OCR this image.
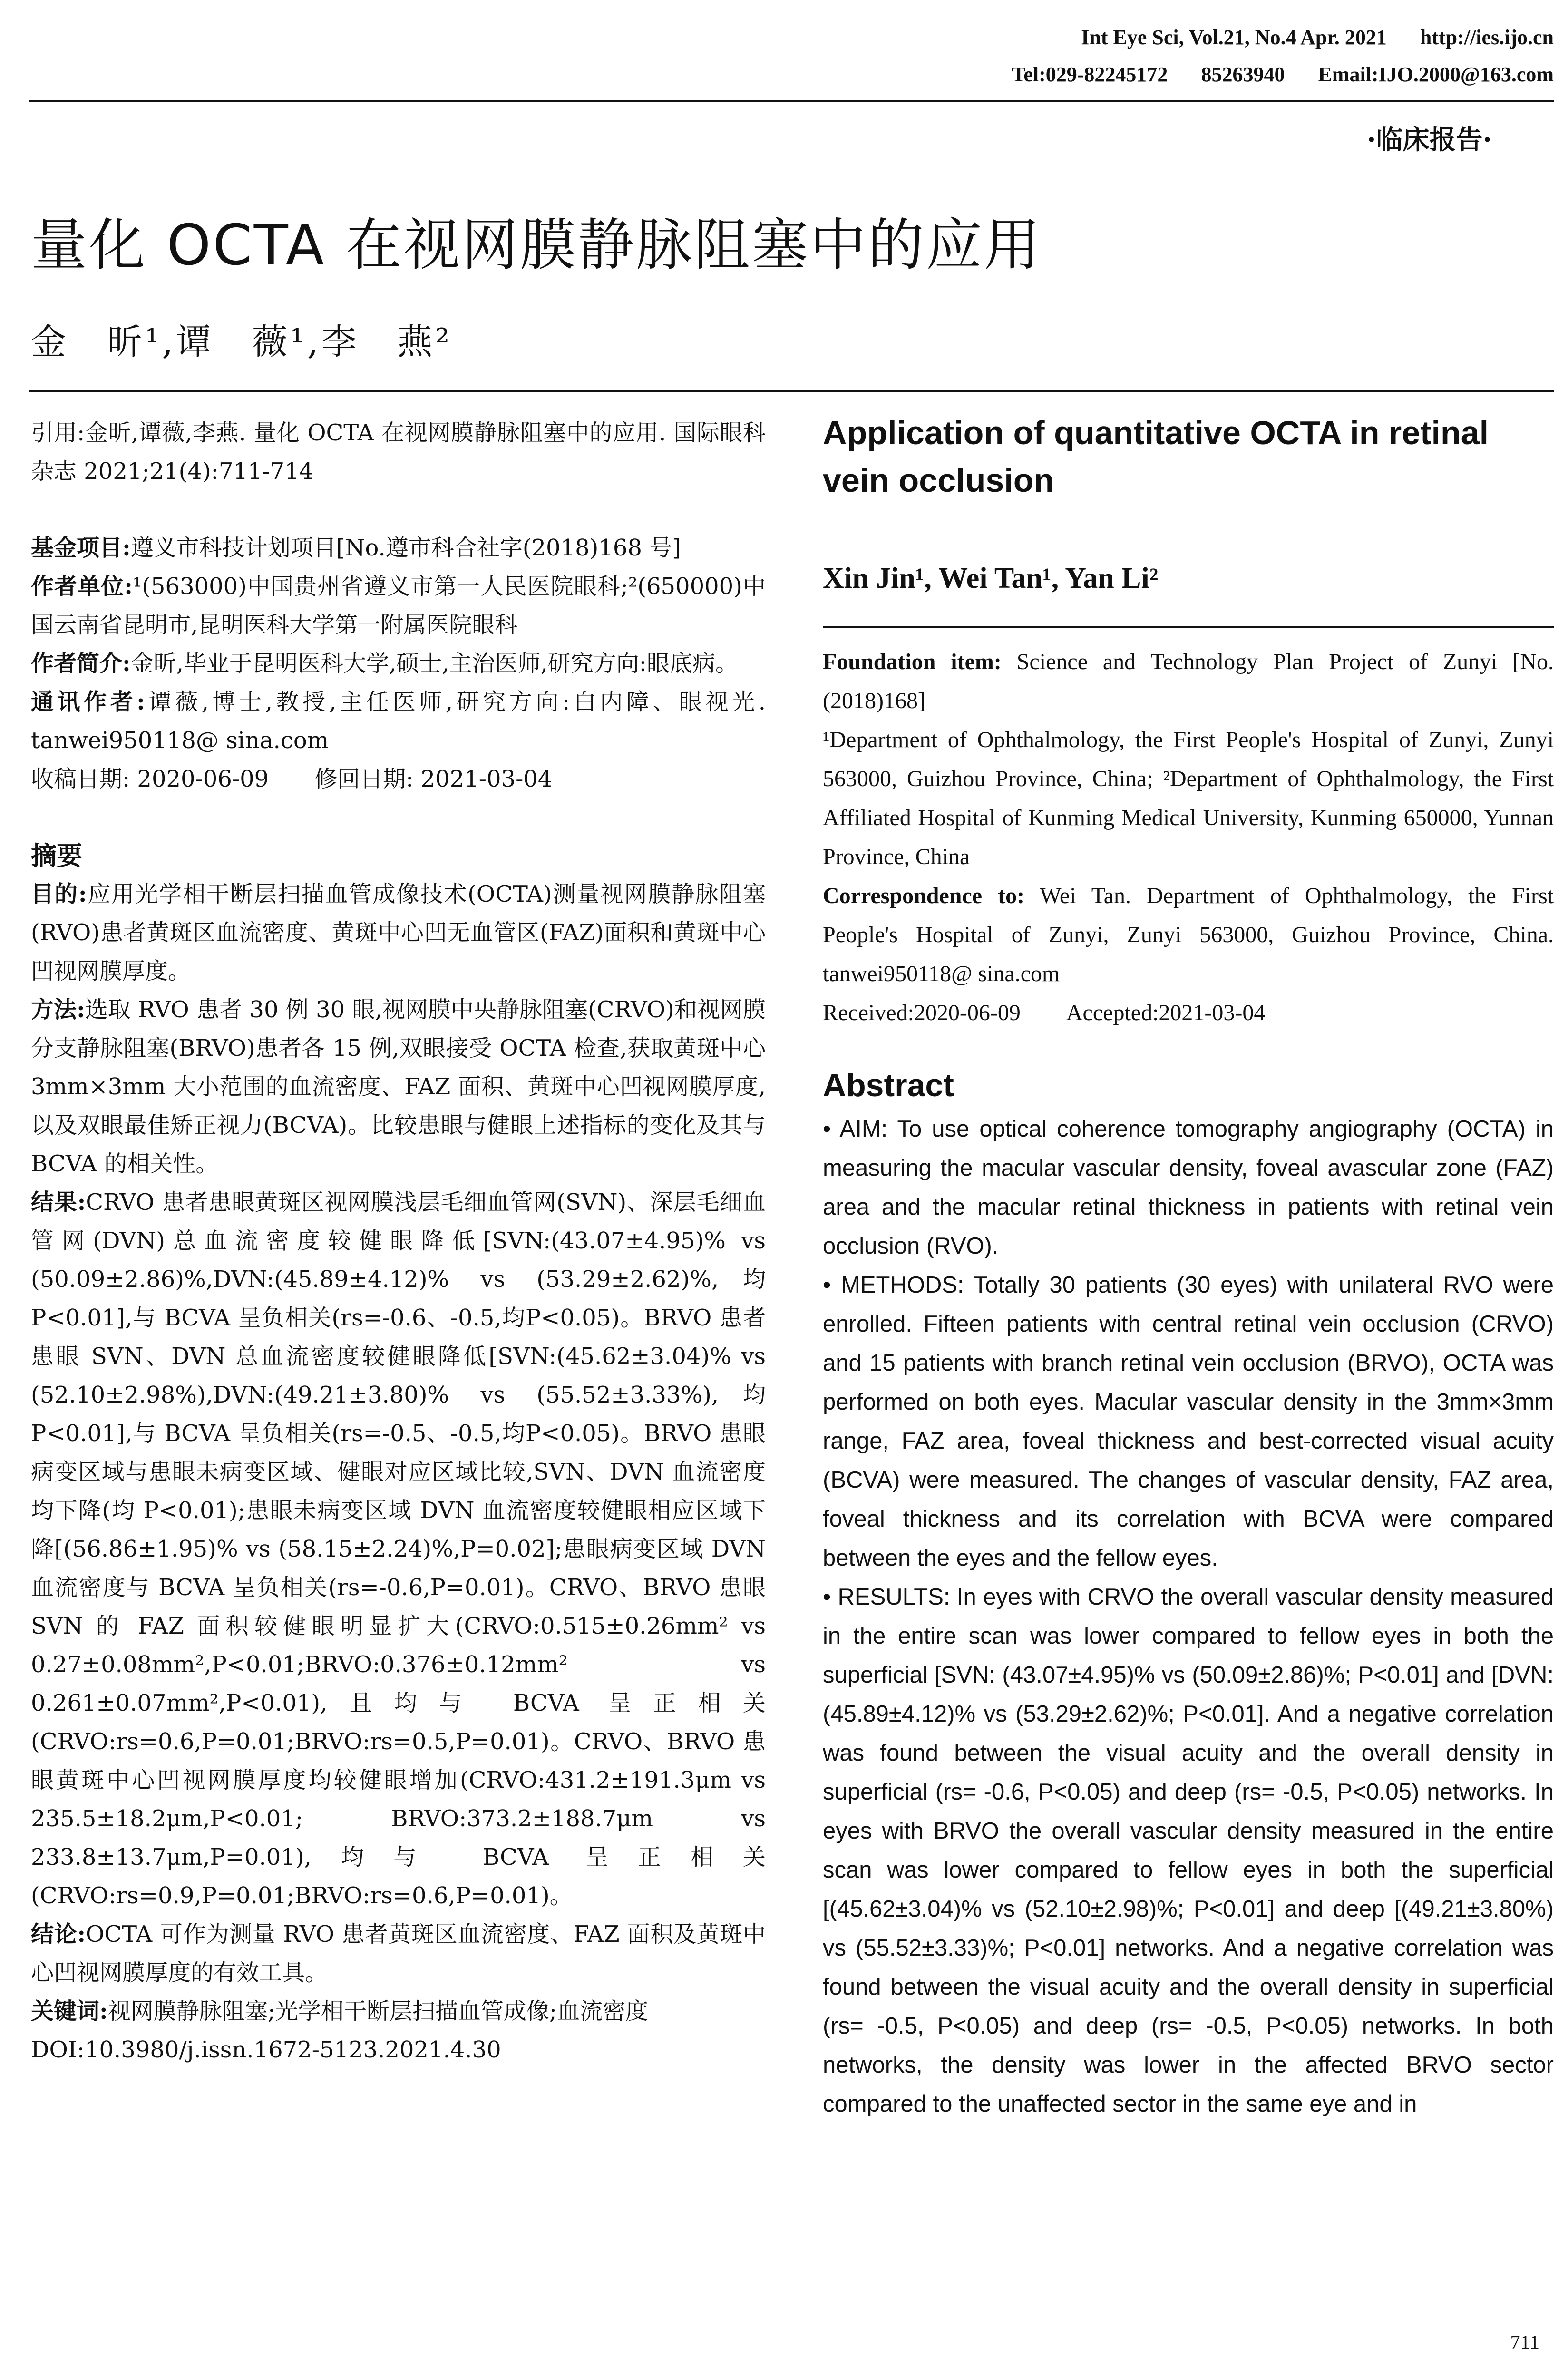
Int Eye Sci, Vol.21, No.4 Apr. 2021 http://ies.ijo.cn
Tel:029-82245172 85263940 Email:IJO.2000@163.com
·临床报告·
量化 OCTA 在视网膜静脉阻塞中的应用
金　昕¹,谭　薇¹,李　燕²

引用:金昕,谭薇,李燕. 量化 OCTA 在视网膜静脉阻塞中的应用. 国际眼科杂志 2021;21(4):711-714

基金项目:遵义市科技计划项目[No.遵市科合社字(2018)168 号]

作者单位:¹(563000)中国贵州省遵义市第一人民医院眼科;²(650000)中国云南省昆明市,昆明医科大学第一附属医院眼科

作者简介:金昕,毕业于昆明医科大学,硕士,主治医师,研究方向:眼底病。

通讯作者:谭薇,博士,教授,主任医师,研究方向:白内障、眼视光. tanwei950118@ sina.com

收稿日期: 2020-06-09　　修回日期: 2021-03-04

摘要

目的:应用光学相干断层扫描血管成像技术(OCTA)测量视网膜静脉阻塞(RVO)患者黄斑区血流密度、黄斑中心凹无血管区(FAZ)面积和黄斑中心凹视网膜厚度。

方法:选取 RVO 患者 30 例 30 眼,视网膜中央静脉阻塞(CRVO)和视网膜分支静脉阻塞(BRVO)患者各 15 例,双眼接受 OCTA 检查,获取黄斑中心 3mm×3mm 大小范围的血流密度、FAZ 面积、黄斑中心凹视网膜厚度,以及双眼最佳矫正视力(BCVA)。比较患眼与健眼上述指标的变化及其与 BCVA 的相关性。

结果:CRVO 患者患眼黄斑区视网膜浅层毛细血管网(SVN)、深层毛细血管网(DVN)总血流密度较健眼降低[SVN:(43.07±4.95)% vs (50.09±2.86)%,DVN:(45.89±4.12)% vs (53.29±2.62)%,均 P<0.01],与 BCVA 呈负相关(rs=-0.6、-0.5,均P<0.05)。BRVO 患者患眼 SVN、DVN 总血流密度较健眼降低[SVN:(45.62±3.04)% vs (52.10±2.98%),DVN:(49.21±3.80)% vs (55.52±3.33%),均 P<0.01],与 BCVA 呈负相关(rs=-0.5、-0.5,均P<0.05)。BRVO 患眼病变区域与患眼未病变区域、健眼对应区域比较,SVN、DVN 血流密度均下降(均 P<0.01);患眼未病变区域 DVN 血流密度较健眼相应区域下降[(56.86±1.95)% vs (58.15±2.24)%,P=0.02];患眼病变区域 DVN 血流密度与 BCVA 呈负相关(rs=-0.6,P=0.01)。CRVO、BRVO 患眼 SVN 的 FAZ 面积较健眼明显扩大(CRVO:0.515±0.26mm² vs 0.27±0.08mm²,P<0.01;BRVO:0.376±0.12mm² vs 0.261±0.07mm²,P<0.01),且均与 BCVA 呈正相关(CRVO:rs=0.6,P=0.01;BRVO:rs=0.5,P=0.01)。CRVO、BRVO 患眼黄斑中心凹视网膜厚度均较健眼增加(CRVO:431.2±191.3μm vs 235.5±18.2μm,P<0.01; BRVO:373.2±188.7μm vs 233.8±13.7μm,P=0.01),均与 BCVA 呈正相关(CRVO:rs=0.9,P=0.01;BRVO:rs=0.6,P=0.01)。

结论:OCTA 可作为测量 RVO 患者黄斑区血流密度、FAZ 面积及黄斑中心凹视网膜厚度的有效工具。

关键词:视网膜静脉阻塞;光学相干断层扫描血管成像;血流密度

DOI:10.3980/j.issn.1672-5123.2021.4.30

Application of quantitative OCTA in retinal vein occlusion

Xin Jin¹, Wei Tan¹, Yan Li²

Foundation item: Science and Technology Plan Project of Zunyi [No.(2018)168]

¹Department of Ophthalmology, the First People's Hospital of Zunyi, Zunyi 563000, Guizhou Province, China; ²Department of Ophthalmology, the First Affiliated Hospital of Kunming Medical University, Kunming 650000, Yunnan Province, China

Correspondence to: Wei Tan. Department of Ophthalmology, the First People's Hospital of Zunyi, Zunyi 563000, Guizhou Province, China. tanwei950118@ sina.com

Received:2020-06-09　　Accepted:2021-03-04

Abstract

• AIM: To use optical coherence tomography angiography (OCTA) in measuring the macular vascular density, foveal avascular zone (FAZ) area and the macular retinal thickness in patients with retinal vein occlusion (RVO).

• METHODS: Totally 30 patients (30 eyes) with unilateral RVO were enrolled. Fifteen patients with central retinal vein occlusion (CRVO) and 15 patients with branch retinal vein occlusion (BRVO), OCTA was performed on both eyes. Macular vascular density in the 3mm×3mm range, FAZ area, foveal thickness and best-corrected visual acuity (BCVA) were measured. The changes of vascular density, FAZ area, foveal thickness and its correlation with BCVA were compared between the eyes and the fellow eyes.

• RESULTS: In eyes with CRVO the overall vascular density measured in the entire scan was lower compared to fellow eyes in both the superficial [SVN: (43.07±4.95)% vs (50.09±2.86)%; P<0.01] and [DVN: (45.89±4.12)% vs (53.29±2.62)%; P<0.01]. And a negative correlation was found between the visual acuity and the overall density in superficial (rs= -0.6, P<0.05) and deep (rs= -0.5, P<0.05) networks. In eyes with BRVO the overall vascular density measured in the entire scan was lower compared to fellow eyes in both the superficial [(45.62±3.04)% vs (52.10±2.98)%; P<0.01] and deep [(49.21±3.80%) vs (55.52±3.33)%; P<0.01] networks. And a negative correlation was found between the visual acuity and the overall density in superficial (rs= -0.5, P<0.05) and deep (rs= -0.5, P<0.05) networks. In both networks, the density was lower in the affected BRVO sector compared to the unaffected sector in the same eye and in

711
